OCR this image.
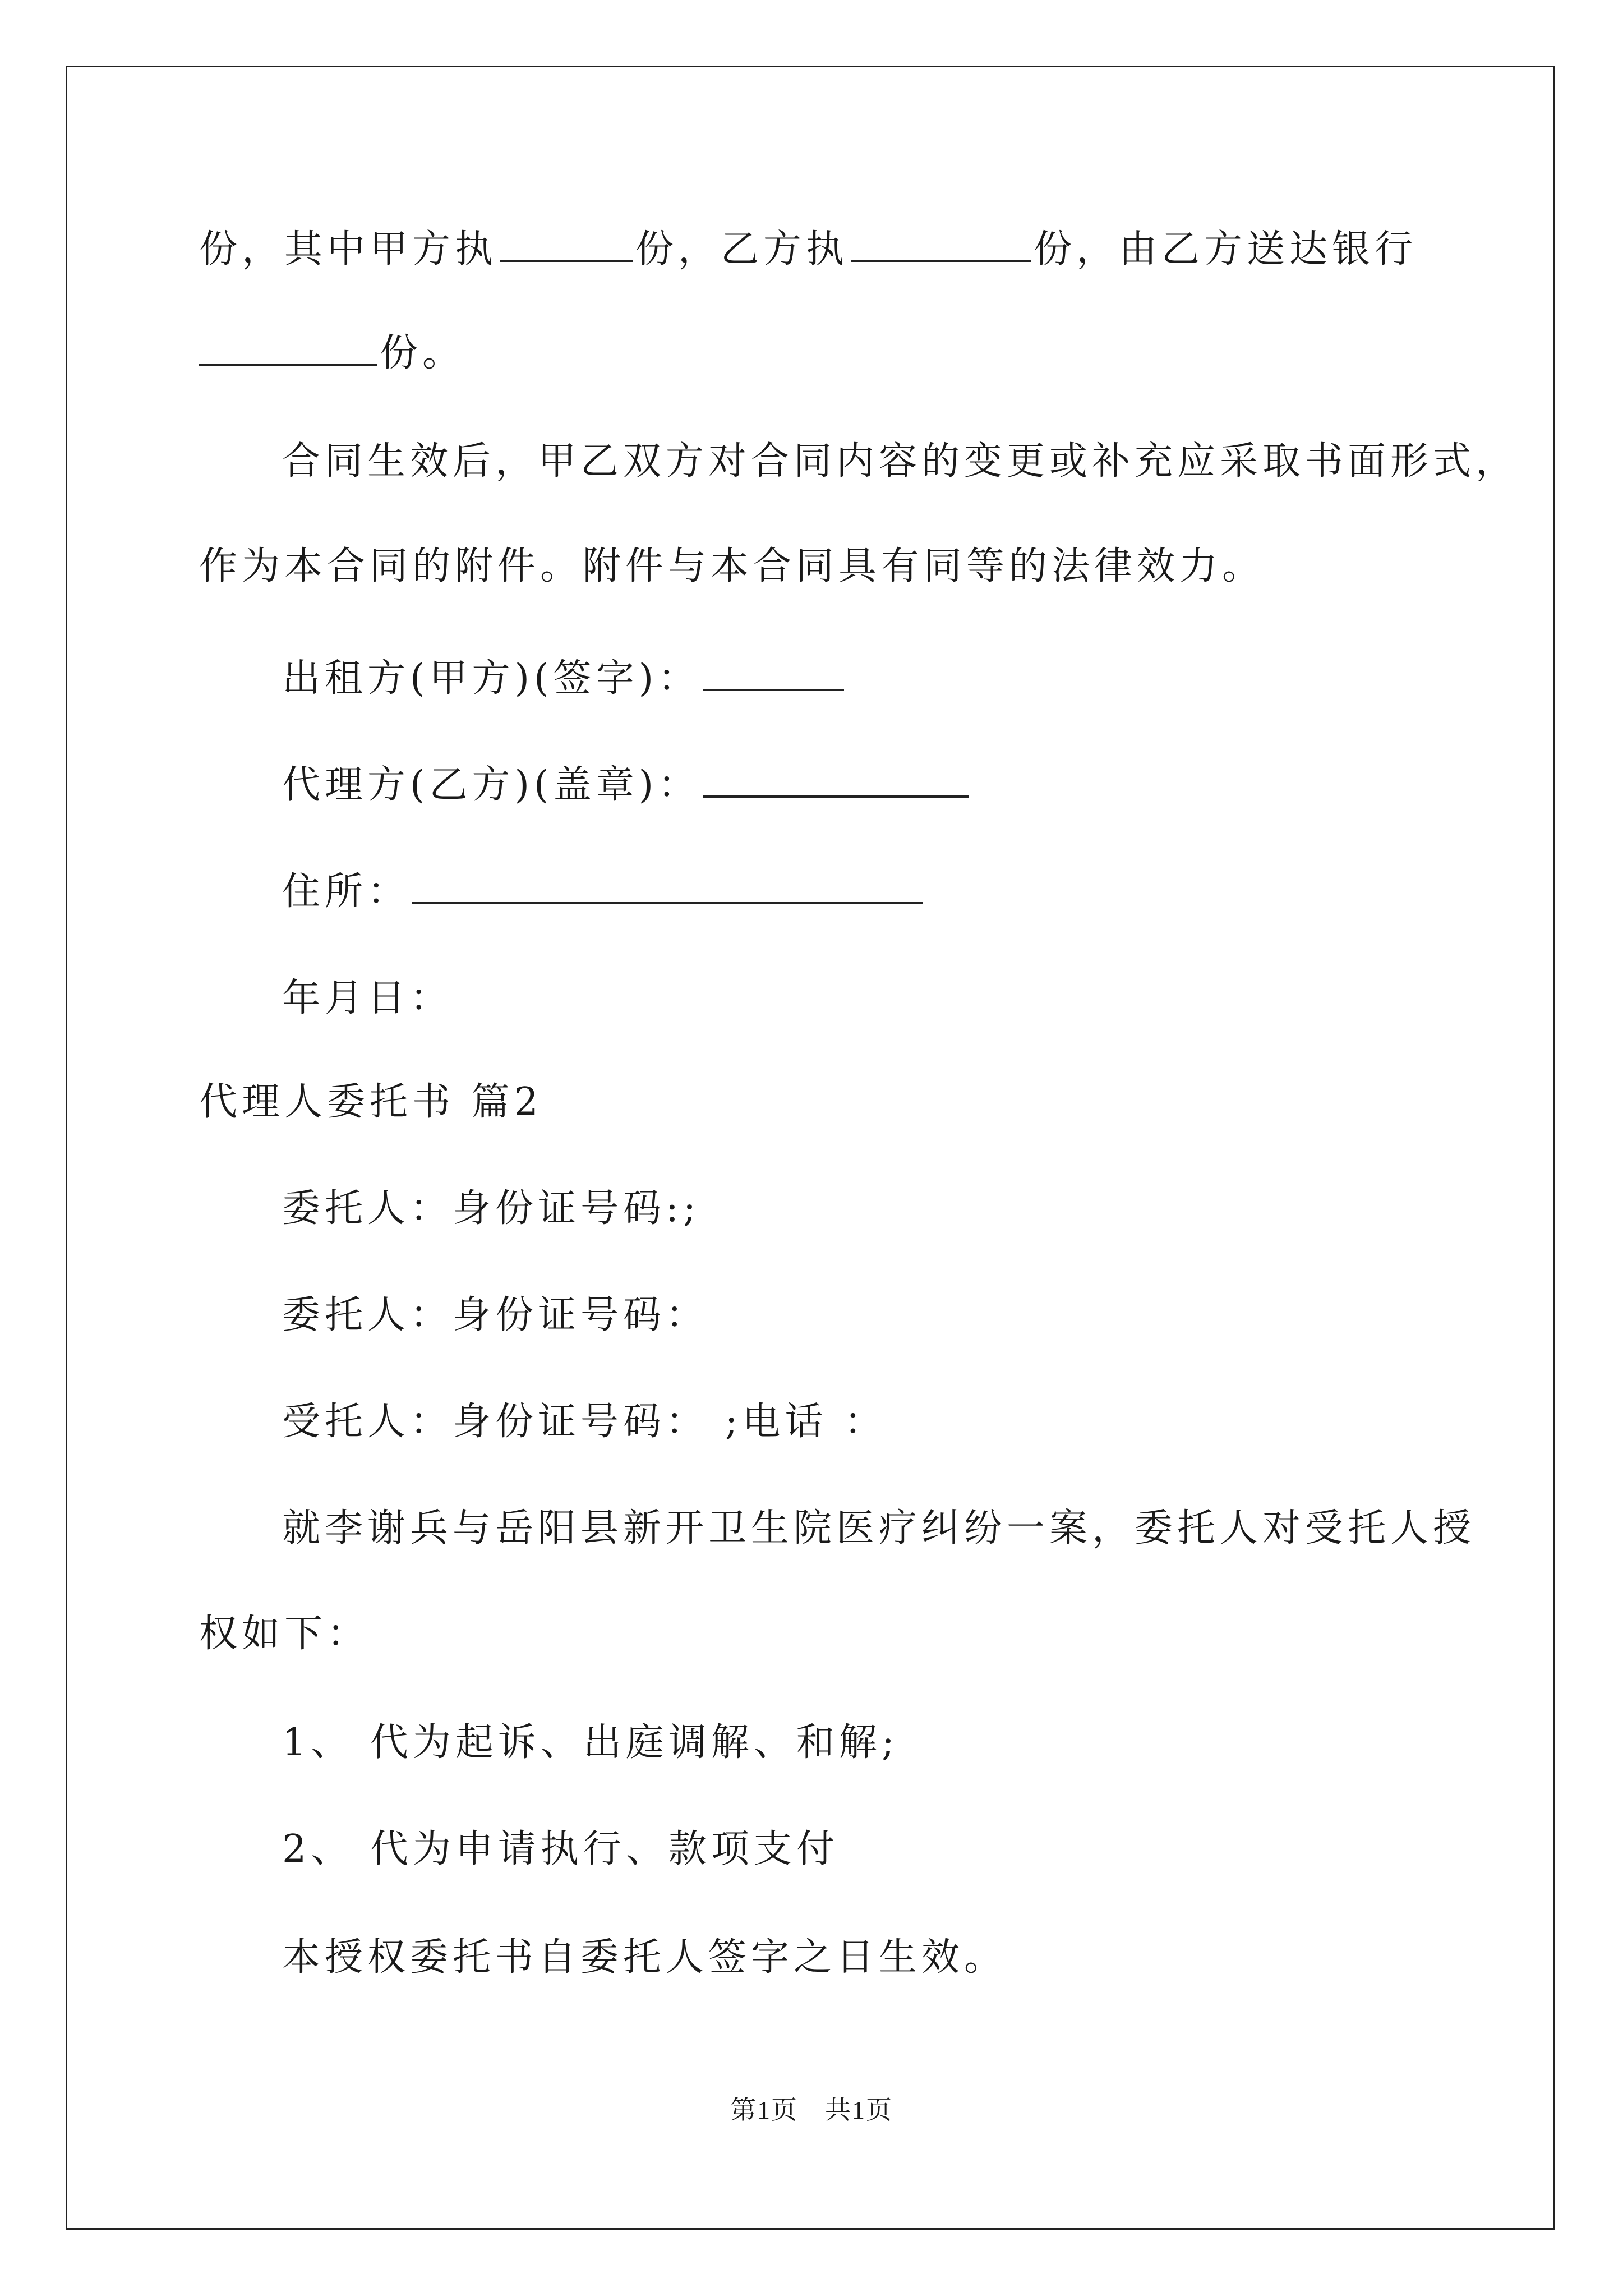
份，其中甲方执	份，乙方执	份，由乙方送达银行
份。
合同生效后，甲乙双方对合同内容的变更或补充应采取书面形式，
作为本合同的附件。附件与本合同具有同等的法律效力。
出租方(甲方)(签字)：
代理方(乙方)(盖章)：
住所：
年月日：
代理人委托书 篇2
委托人：身份证号码:;
委托人：身份证号码：
受托人：身份证号码： ;电话 ：
就李谢兵与岳阳县新开卫生院医疗纠纷一案，委托人对受托人授
权如下：
1、 代为起诉、出庭调解、和解;
2、 代为申请执行、款项支付
本授权委托书自委托人签字之日生效。
第1页　共1页
